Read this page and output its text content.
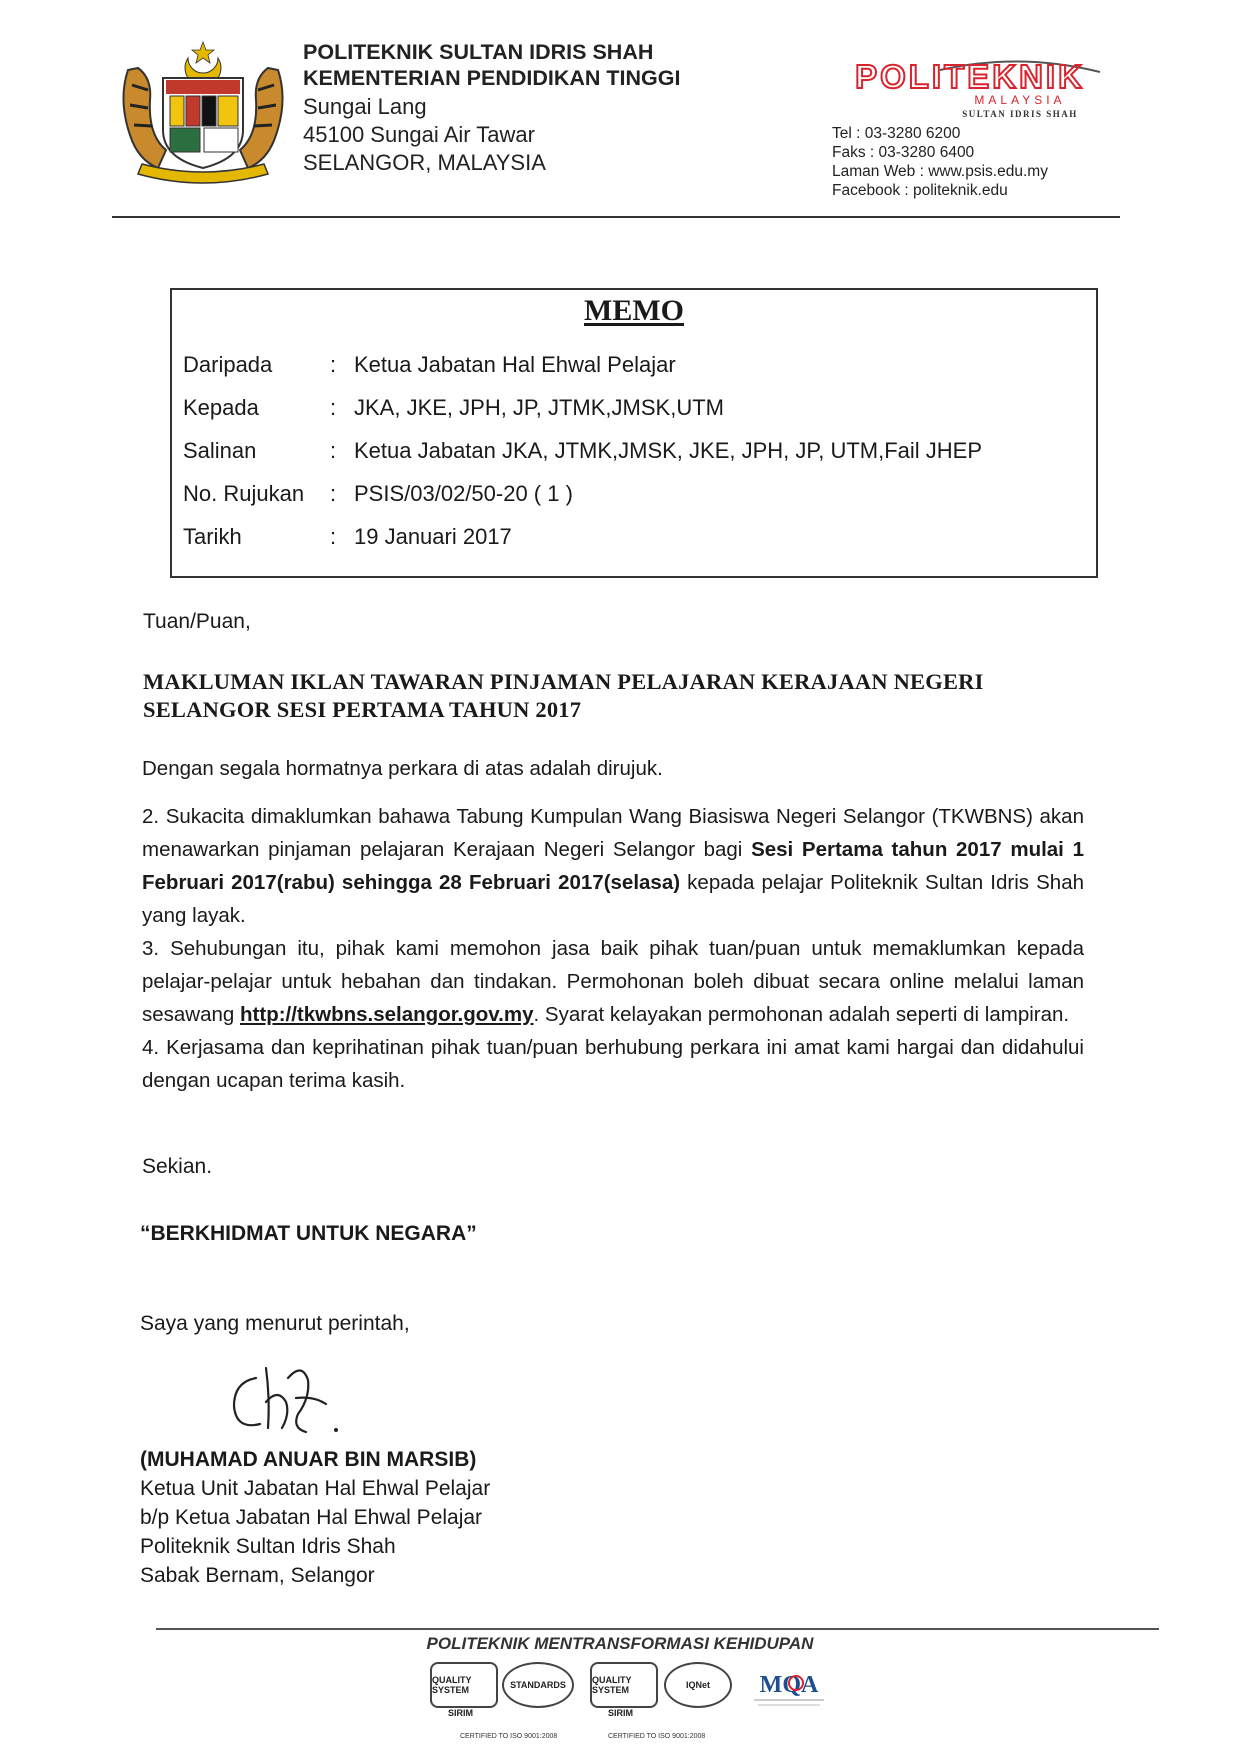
POLITEKNIK SULTAN IDRIS SHAH
KEMENTERIAN PENDIDIKAN TINGGI
Sungai Lang
45100 Sungai Air Tawar
SELANGOR, MALAYSIA
POLITEKNIK
MALAYSIA
SULTAN IDRIS SHAH
Tel : 03-3280 6200
Faks : 03-3280 6400
Laman Web : www.psis.edu.my
Facebook : politeknik.edu
MEMO
Daripada	: Ketua Jabatan Hal Ehwal Pelajar
Kepada	: JKA, JKE, JPH, JP, JTMK,JMSK,UTM
Salinan	: Ketua Jabatan JKA, JTMK,JMSK, JKE, JPH, JP, UTM,Fail JHEP
No. Rujukan : PSIS/03/02/50-20 ( 1 )
Tarikh	: 19 Januari 2017
Tuan/Puan,
MAKLUMAN IKLAN TAWARAN PINJAMAN PELAJARAN KERAJAAN NEGERI
SELANGOR SESI PERTAMA TAHUN 2017
Dengan segala hormatnya perkara di atas adalah dirujuk.
2. Sukacita dimaklumkan bahawa Tabung Kumpulan Wang Biasiswa Negeri Selangor (TKWBNS) akan menawarkan pinjaman pelajaran Kerajaan Negeri Selangor bagi Sesi Pertama tahun 2017 mulai 1 Februari 2017(rabu) sehingga 28 Februari 2017(selasa) kepada pelajar Politeknik Sultan Idris Shah yang layak.
3. Sehubungan itu, pihak kami memohon jasa baik pihak tuan/puan untuk memaklumkan kepada pelajar-pelajar untuk hebahan dan tindakan. Permohonan boleh dibuat secara online melalui laman sesawang http://tkwbns.selangor.gov.my. Syarat kelayakan permohonan adalah seperti di lampiran.
4. Kerjasama dan keprihatinan pihak tuan/puan berhubung perkara ini amat kami hargai dan didahului dengan ucapan terima kasih.
Sekian.
“BERKHIDMAT UNTUK NEGARA”
Saya yang menurut perintah,
(MUHAMAD ANUAR BIN MARSIB)
Ketua Unit Jabatan Hal Ehwal Pelajar
b/p Ketua Jabatan Hal Ehwal Pelajar
Politeknik Sultan Idris Shah
Sabak Bernam, Selangor
POLITEKNIK MENTRANSFORMASI KEHIDUPAN
QUALITY SYSTEM	STANDARDS	QUALITY SYSTEM	IQNet
SIRIM	SIRIM
CERTIFIED TO ISO 9001:2008	CERTIFIED TO ISO 9001:2008
MQA
